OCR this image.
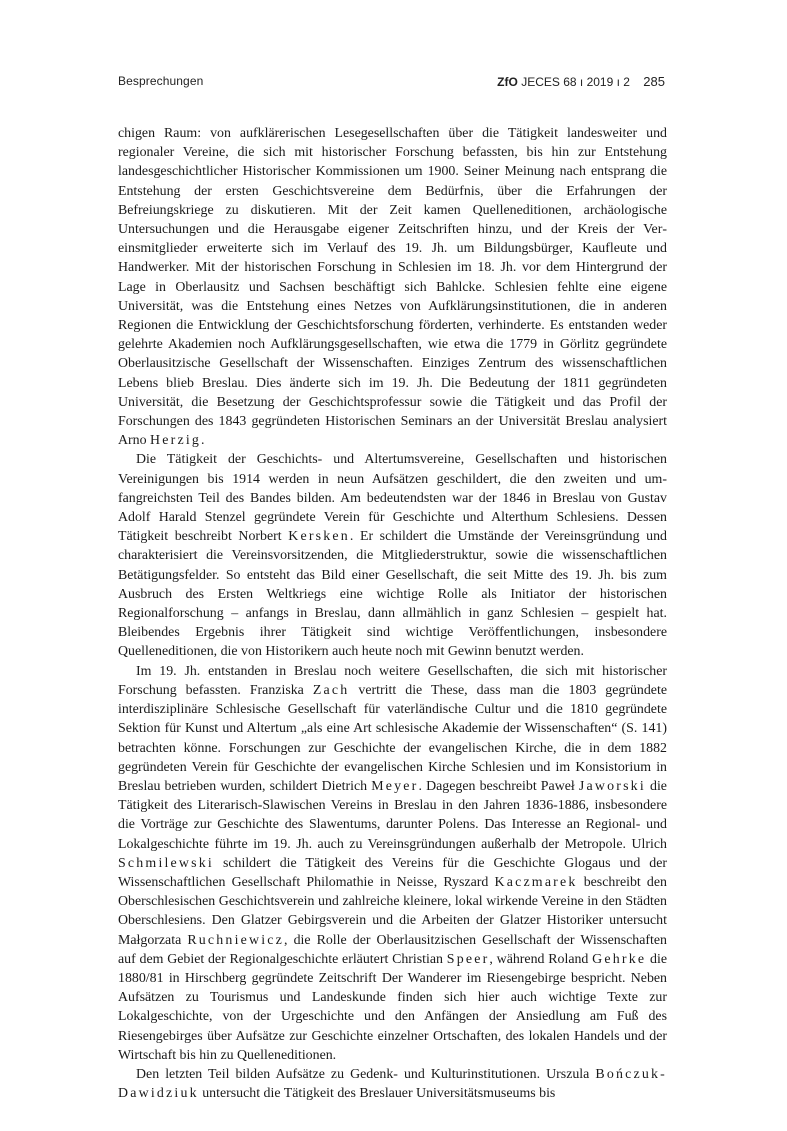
Besprechungen	ZfO JECES 68 ı 2019 ı 2 285

chigen Raum: von aufklärerischen Lesegesellschaften über die Tätigkeit landesweiter und regionaler Vereine, die sich mit historischer Forschung befassten, bis hin zur Entstehung landesgeschichtlicher Historischer Kommissionen um 1900. Seiner Meinung nach entsprang die Entstehung der ersten Geschichtsvereine dem Bedürfnis, über die Erfahrungen der Befreiungskriege zu diskutieren. Mit der Zeit kamen Quelleneditionen, archäologische Untersuchungen und die Herausgabe eigener Zeitschriften hinzu, und der Kreis der Vereinsmitglieder erweiterte sich im Verlauf des 19. Jh. um Bildungsbürger, Kaufleute und Handwerker. Mit der historischen Forschung in Schlesien im 18. Jh. vor dem Hintergrund der Lage in Oberlausitz und Sachsen beschäftigt sich Bahlcke. Schlesien fehlte eine eigene Universität, was die Entstehung eines Netzes von Aufklärungsinstitutionen, die in anderen Regionen die Entwicklung der Geschichtsforschung förderten, verhinderte. Es entstanden weder gelehrte Akademien noch Aufklärungsgesellschaften, wie etwa die 1779 in Görlitz gegründete Oberlausitzische Gesellschaft der Wissenschaften. Einziges Zentrum des wissenschaftlichen Lebens blieb Breslau. Dies änderte sich im 19. Jh. Die Bedeutung der 1811 gegründeten Universität, die Besetzung der Geschichtsprofessur sowie die Tätigkeit und das Profil der Forschungen des 1843 gegründeten Historischen Seminars an der Universität Breslau analysiert Arno Herzig.

Die Tätigkeit der Geschichts- und Altertumsvereine, Gesellschaften und historischen Vereinigungen bis 1914 werden in neun Aufsätzen geschildert, die den zweiten und umfangreichsten Teil des Bandes bilden. Am bedeutendsten war der 1846 in Breslau von Gustav Adolf Harald Stenzel gegründete Verein für Geschichte und Alterthum Schlesiens. Dessen Tätigkeit beschreibt Norbert Kersken. Er schildert die Umstände der Vereinsgründung und charakterisiert die Vereinsvorsitzenden, die Mitgliederstruktur, sowie die wissenschaftlichen Betätigungsfelder. So entsteht das Bild einer Gesellschaft, die seit Mitte des 19. Jh. bis zum Ausbruch des Ersten Weltkriegs eine wichtige Rolle als Initiator der historischen Regionalforschung – anfangs in Breslau, dann allmählich in ganz Schlesien – gespielt hat. Bleibendes Ergebnis ihrer Tätigkeit sind wichtige Veröffentlichungen, insbesondere Quelleneditionen, die von Historikern auch heute noch mit Gewinn benutzt werden.

Im 19. Jh. entstanden in Breslau noch weitere Gesellschaften, die sich mit historischer Forschung befassten. Franziska Zach vertritt die These, dass man die 1803 gegründete interdisziplinäre Schlesische Gesellschaft für vaterländische Cultur und die 1810 gegründete Sektion für Kunst und Altertum „als eine Art schlesische Akademie der Wissenschaften“ (S. 141) betrachten könne. Forschungen zur Geschichte der evangelischen Kirche, die in dem 1882 gegründeten Verein für Geschichte der evangelischen Kirche Schlesien und im Konsistorium in Breslau betrieben wurden, schildert Dietrich Meyer. Dagegen beschreibt Paweł Jaworski die Tätigkeit des Literarisch-Slawischen Vereins in Breslau in den Jahren 1836-1886, insbesondere die Vorträge zur Geschichte des Slawentums, darunter Polens. Das Interesse an Regional- und Lokalgeschichte führte im 19. Jh. auch zu Vereinsgründungen außerhalb der Metropole. Ulrich Schmilewski schildert die Tätigkeit des Vereins für die Geschichte Glogaus und der Wissenschaftlichen Gesellschaft Philomathie in Neisse, Ryszard Kaczmarek beschreibt den Oberschlesischen Geschichtsverein und zahlreiche kleinere, lokal wirkende Vereine in den Städten Oberschlesiens. Den Glatzer Gebirgsverein und die Arbeiten der Glatzer Historiker untersucht Małgorzata Ruchniewicz, die Rolle der Oberlausitzischen Gesellschaft der Wissenschaften auf dem Gebiet der Regionalgeschichte erläutert Christian Speer, während Roland Gehrke die 1880/81 in Hirschberg gegründete Zeitschrift Der Wanderer im Riesengebirge bespricht. Neben Aufsätzen zu Tourismus und Landeskunde finden sich hier auch wichtige Texte zur Lokalgeschichte, von der Urgeschichte und den Anfängen der Ansiedlung am Fuß des Riesengebirges über Aufsätze zur Geschichte einzelner Ortschaften, des lokalen Handels und der Wirtschaft bis hin zu Quelleneditionen.

Den letzten Teil bilden Aufsätze zu Gedenk- und Kulturinstitutionen. Urszula Bończuk-Dawidziuk untersucht die Tätigkeit des Breslauer Universitätsmuseums bis
